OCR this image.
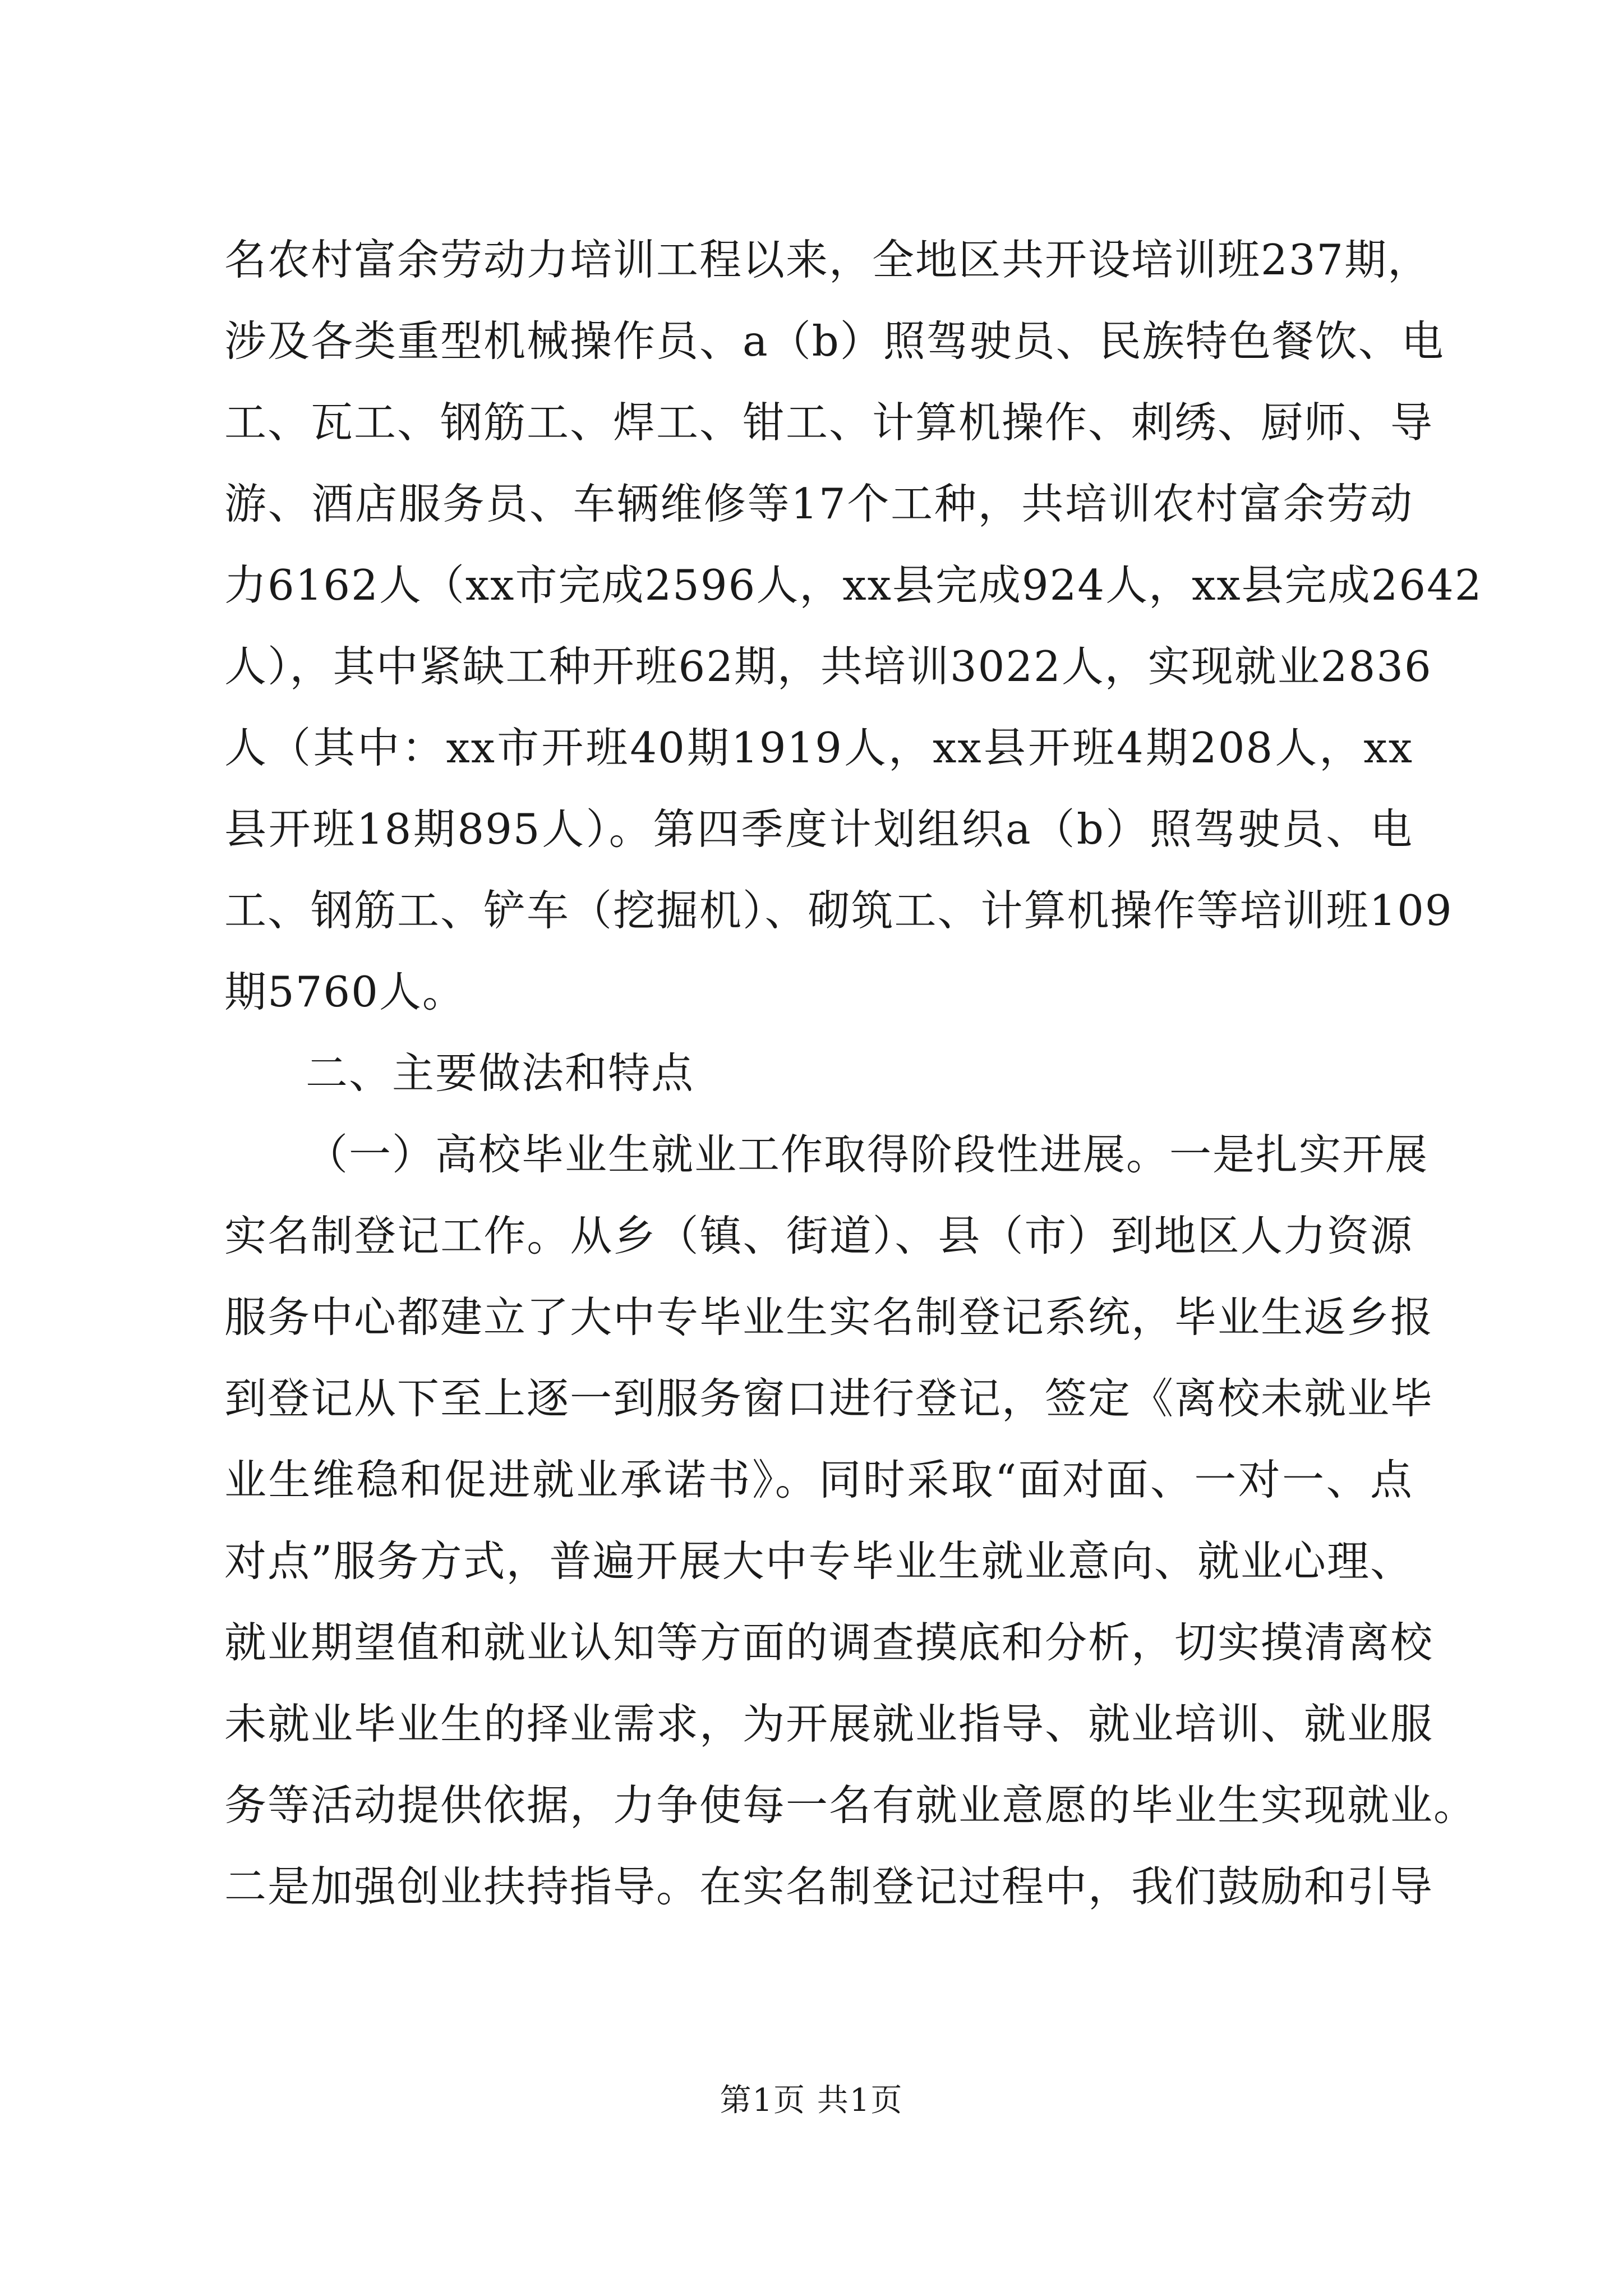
名农村富余劳动力培训工程以来，全地区共开设培训班237期，
涉及各类重型机械操作员、a（b）照驾驶员、民族特色餐饮、电
工、瓦工、钢筋工、焊工、钳工、计算机操作、刺绣、厨师、导
游、酒店服务员、车辆维修等17个工种，共培训农村富余劳动
力6162人（xx市完成2596人，xx县完成924人，xx县完成2642
人），其中紧缺工种开班62期，共培训3022人，实现就业2836
人（其中：xx市开班40期1919人，xx县开班4期208人，xx
县开班18期895人）。第四季度计划组织a（b）照驾驶员、电
工、钢筋工、铲车（挖掘机）、砌筑工、计算机操作等培训班109
期5760人。
二、主要做法和特点
（一）高校毕业生就业工作取得阶段性进展。一是扎实开展
实名制登记工作。从乡（镇、街道）、县（市）到地区人力资源
服务中心都建立了大中专毕业生实名制登记系统，毕业生返乡报
到登记从下至上逐一到服务窗口进行登记，签定《离校未就业毕
业生维稳和促进就业承诺书》。同时采取“面对面、一对一、点
对点”服务方式，普遍开展大中专毕业生就业意向、就业心理、
就业期望值和就业认知等方面的调查摸底和分析，切实摸清离校
未就业毕业生的择业需求，为开展就业指导、就业培训、就业服
务等活动提供依据，力争使每一名有就业意愿的毕业生实现就业。
二是加强创业扶持指导。在实名制登记过程中，我们鼓励和引导
第1页 共1页
